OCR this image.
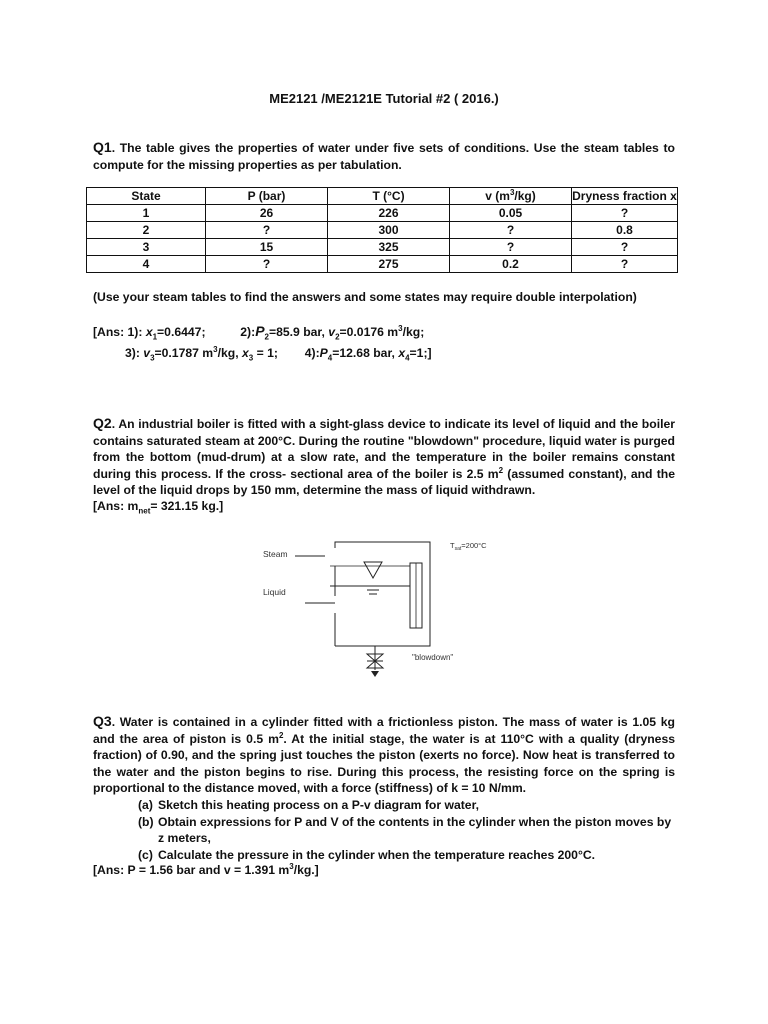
ME2121 /ME2121E Tutorial #2 ( 2016.)
Q1. The table gives the properties of water under five sets of conditions. Use the steam tables to compute for the missing properties as per tabulation.
State	P (bar)	T (°C)	v $(m^3/kg)$	Dryness fraction x
1	26	226	0.05	?
2	?	300	?	0.8
3	15	325	?	?
4	?	275	0.2	?
(Use your steam tables to find the answers and some states may require double interpolation)
[Ans: 1): $x_1=0.6447$;	$2):P_2=85.9$ bar, $v_2=0.0176$ $m^3/kg$;
3): $v_3=0.1787$ $m^3/kg$, $x_3 = 1$; $4):P_4=12.68$ bar, $x_4=1$;]
Q2. An industrial boiler is fitted with a sight-glass device to indicate its level of liquid and the boiler contains saturated steam at 200°C. During the routine "blowdown" procedure, liquid water is purged from the bottom (mud-drum) at a slow rate, and the temperature in the boiler remains constant during this process. If the cross- sectional area of the boiler is 2.5 $m^2$ (assumed constant), and the level of the liquid drops by 150 mm, determine the mass of liquid withdrawn.
[Ans: $m_{net}= 321.15$ kg.]
Steam
Liquid
$T_{sat}=200^\circ C$
"blowdown"
Q3. Water is contained in a cylinder fitted with a frictionless piston. The mass of water is 1.05 kg and the area of piston is 0.5 $m^2$. At the initial stage, the water is at 110°C with a quality (dryness fraction) of 0.90, and the spring just touches the piston (exerts no force). Now heat is transferred to the water and the piston begins to rise. During this process, the resisting force on the spring is proportional to the distance moved, with a force (stiffness) of k = 10 N/mm.
(a) Sketch this heating process on a P-v diagram for water,
(b) Obtain expressions for P and V of the contents in the cylinder when the piston moves by z meters,
(c) Calculate the pressure in the cylinder when the temperature reaches 200°C.
[Ans: P = 1.56 bar and v = 1.391 $m^3/kg$.]
